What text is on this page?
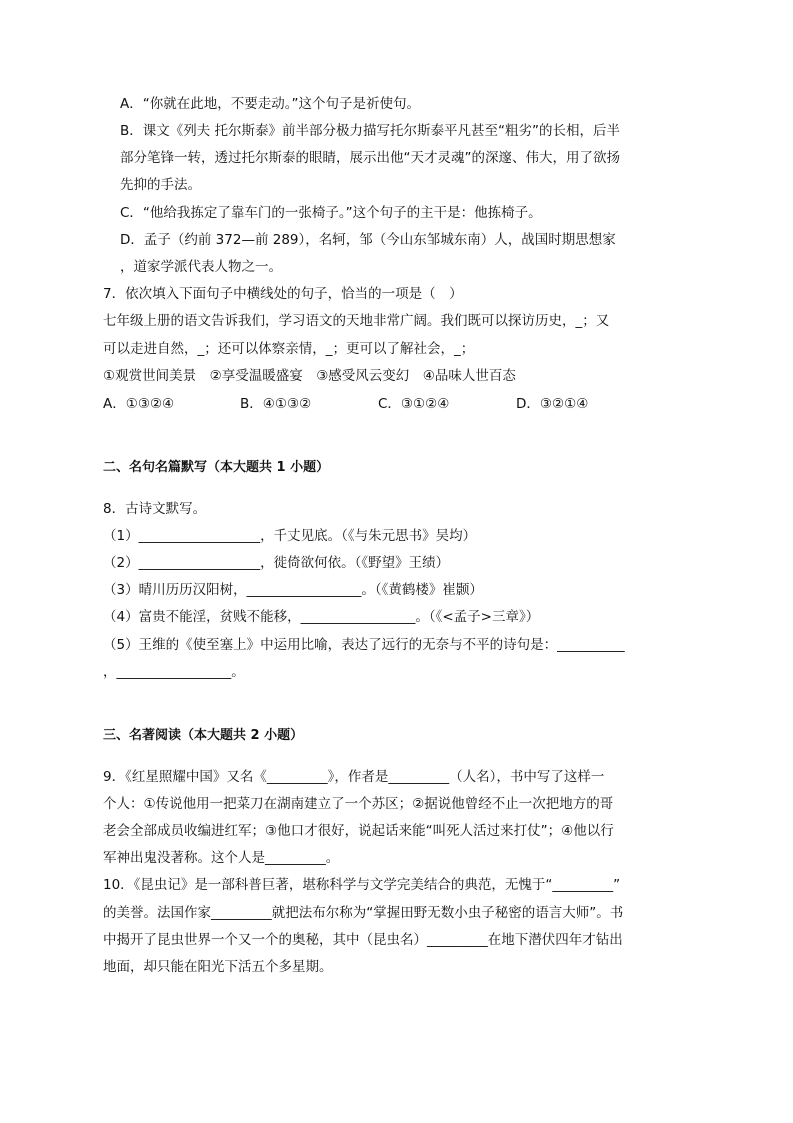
A．“你就在此地，不要走动。”这个句子是祈使句。
B．课文《列夫 托尔斯泰》前半部分极力描写托尔斯泰平凡甚至“粗劣”的长相，后半
部分笔锋一转，透过托尔斯泰的眼睛，展示出他“天才灵魂”的深邃、伟大，用了欲扬
先抑的手法。
C．“他给我拣定了靠车门的一张椅子。”这个句子的主干是：他拣椅子。
D．孟子（约前 372—前 289），名轲，邹（今山东邹城东南）人，战国时期思想家
，道家学派代表人物之一。
7．依次填入下面句子中横线处的句子，恰当的一项是（　）
七年级上册的语文告诉我们，学习语文的天地非常广阔。我们既可以探访历史，_；又
可以走进自然，_；还可以体察亲情，_；更可以了解社会，_；
①观赏世间美景　②享受温暖盛宴　③感受风云变幻　④品味人世百态
A．①③②④	B．④①③②	C．③①②④	D．③②①④
二、名句名篇默写（本大题共 1 小题）
8．古诗文默写。
（1）__________________，千丈见底。（《与朱元思书》吴均）
（2）__________________，徙倚欲何依。（《野望》王绩）
（3）晴川历历汉阳树，_________________。（《黄鹤楼》崔颢）
（4）富贵不能淫，贫贱不能移，_________________。（《<孟子>三章》）
（5）王维的《使至塞上》中运用比喻，表达了远行的无奈与不平的诗句是：__________
，_________________。
三、名著阅读（本大题共 2 小题）
9．《红星照耀中国》又名《_________》，作者是_________（人名），书中写了这样一
个人：①传说他用一把菜刀在湖南建立了一个苏区；②据说他曾经不止一次把地方的哥
老会全部成员收编进红军；③他口才很好，说起话来能“叫死人活过来打仗”；④他以行
军神出鬼没著称。这个人是_________。
10．《昆虫记》是一部科普巨著，堪称科学与文学完美结合的典范，无愧于“_________”
的美誉。法国作家_________就把法布尔称为“掌握田野无数小虫子秘密的语言大师”。书
中揭开了昆虫世界一个又一个的奥秘，其中（昆虫名）_________在地下潜伏四年才钻出
地面，却只能在阳光下活五个多星期。
